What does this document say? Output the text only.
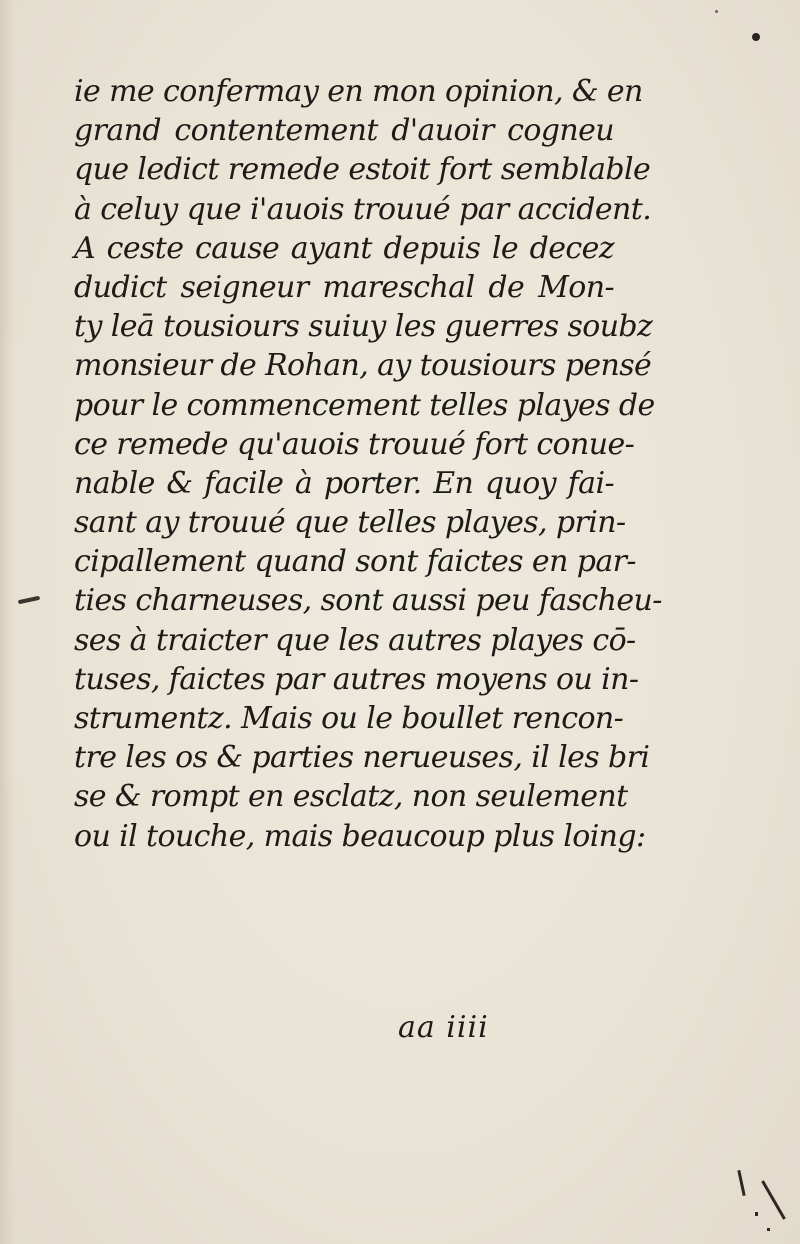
ie me confermay en mon opinion, & en
grand contentement d'auoir cogneu
que ledict remede estoit fort semblable
à celuy que i'auois trouué par accident.
A ceste cause ayant depuis le decez
dudict seigneur mareschal de Mon-
ty leā tousiours suiuy les guerres soubz
monsieur de Rohan, ay tousiours pensé
pour le commencement telles playes de
ce remede qu'auois trouué fort conue-
nable & facile à porter. En quoy fai-
sant ay trouué que telles playes, prin-
cipallement quand sont faictes en par-
ties charneuses, sont aussi peu fascheu-
ses à traicter que les autres playes cō-
tuses, faictes par autres moyens ou in-
strumentz. Mais ou le boullet rencon-
tre les os & parties nerueuses, il les bri
se & rompt en esclatz, non seulement
ou il touche, mais beaucoup plus loing:
aa iiii
